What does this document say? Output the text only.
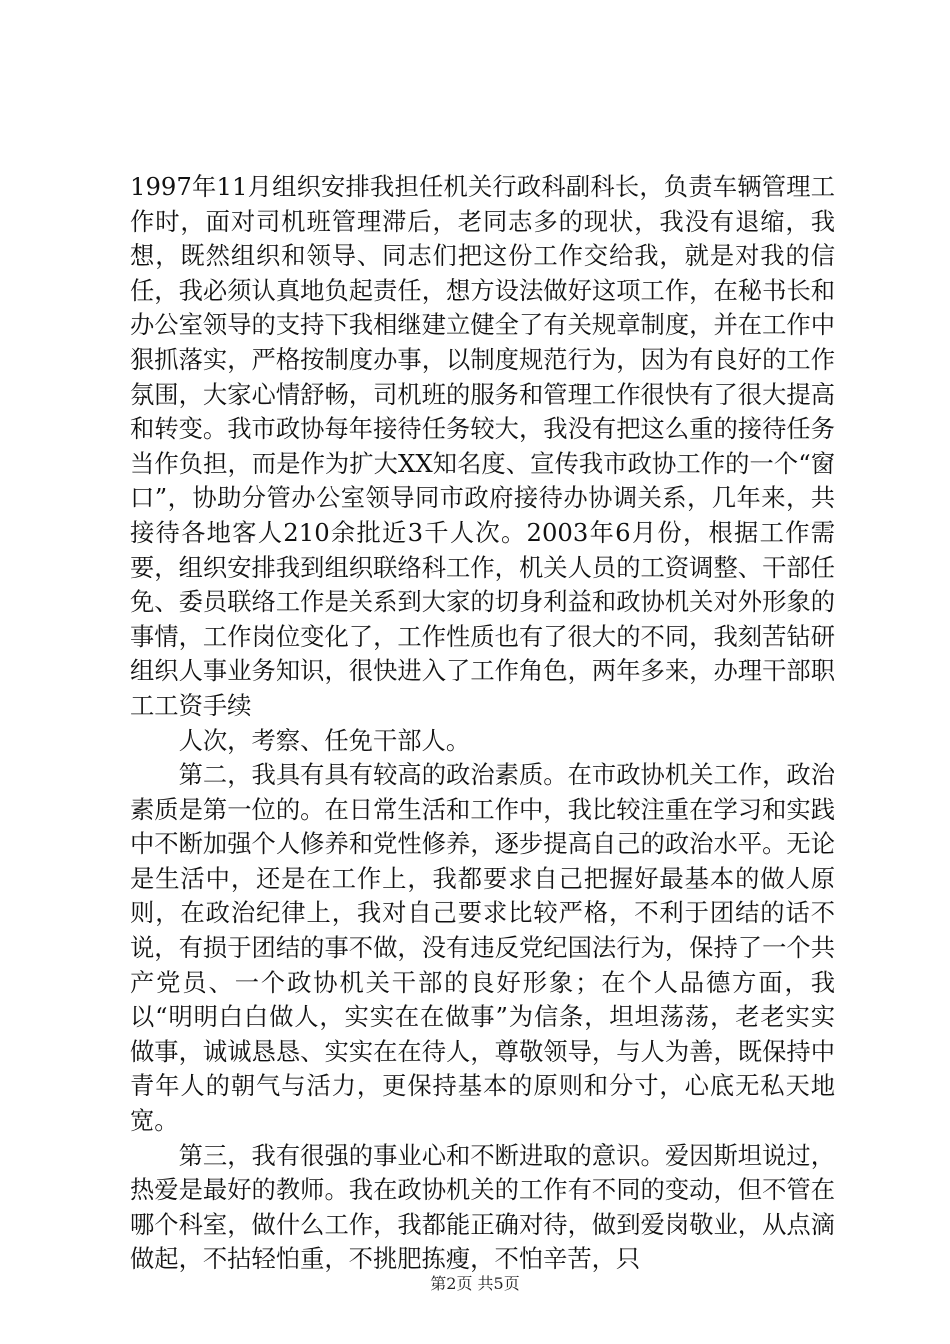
1997年11月组织安排我担任机关行政科副科长，负责车辆管理工作时，面对司机班管理滞后，老同志多的现状，我没有退缩，我想，既然组织和领导、同志们把这份工作交给我，就是对我的信任，我必须认真地负起责任，想方设法做好这项工作，在秘书长和办公室领导的支持下我相继建立健全了有关规章制度，并在工作中狠抓落实，严格按制度办事，以制度规范行为，因为有良好的工作氛围，大家心情舒畅，司机班的服务和管理工作很快有了很大提高和转变。我市政协每年接待任务较大，我没有把这么重的接待任务当作负担，而是作为扩大XX知名度、宣传我市政协工作的一个“窗口”，协助分管办公室领导同市政府接待办协调关系，几年来，共接待各地客人210余批近3千人次。2003年6月份，根据工作需要，组织安排我到组织联络科工作，机关人员的工资调整、干部任免、委员联络工作是关系到大家的切身利益和政协机关对外形象的事情，工作岗位变化了，工作性质也有了很大的不同，我刻苦钻研组织人事业务知识，很快进入了工作角色，两年多来，办理干部职工工资手续

人次，考察、任免干部人。

第二，我具有具有较高的政治素质。在市政协机关工作，政治素质是第一位的。在日常生活和工作中，我比较注重在学习和实践中不断加强个人修养和党性修养，逐步提高自己的政治水平。无论是生活中，还是在工作上，我都要求自己把握好最基本的做人原则，在政治纪律上，我对自己要求比较严格，不利于团结的话不说，有损于团结的事不做，没有违反党纪国法行为，保持了一个共产党员、一个政协机关干部的良好形象；在个人品德方面，我以“明明白白做人，实实在在做事”为信条，坦坦荡荡，老老实实做事，诚诚恳恳、实实在在待人，尊敬领导，与人为善，既保持中青年人的朝气与活力，更保持基本的原则和分寸，心底无私天地宽。

第三，我有很强的事业心和不断进取的意识。爱因斯坦说过，热爱是最好的教师。我在政协机关的工作有不同的变动，但不管在哪个科室，做什么工作，我都能正确对待，做到爱岗敬业，从点滴做起，不拈轻怕重，不挑肥拣瘦，不怕辛苦，只

第2页 共5页
